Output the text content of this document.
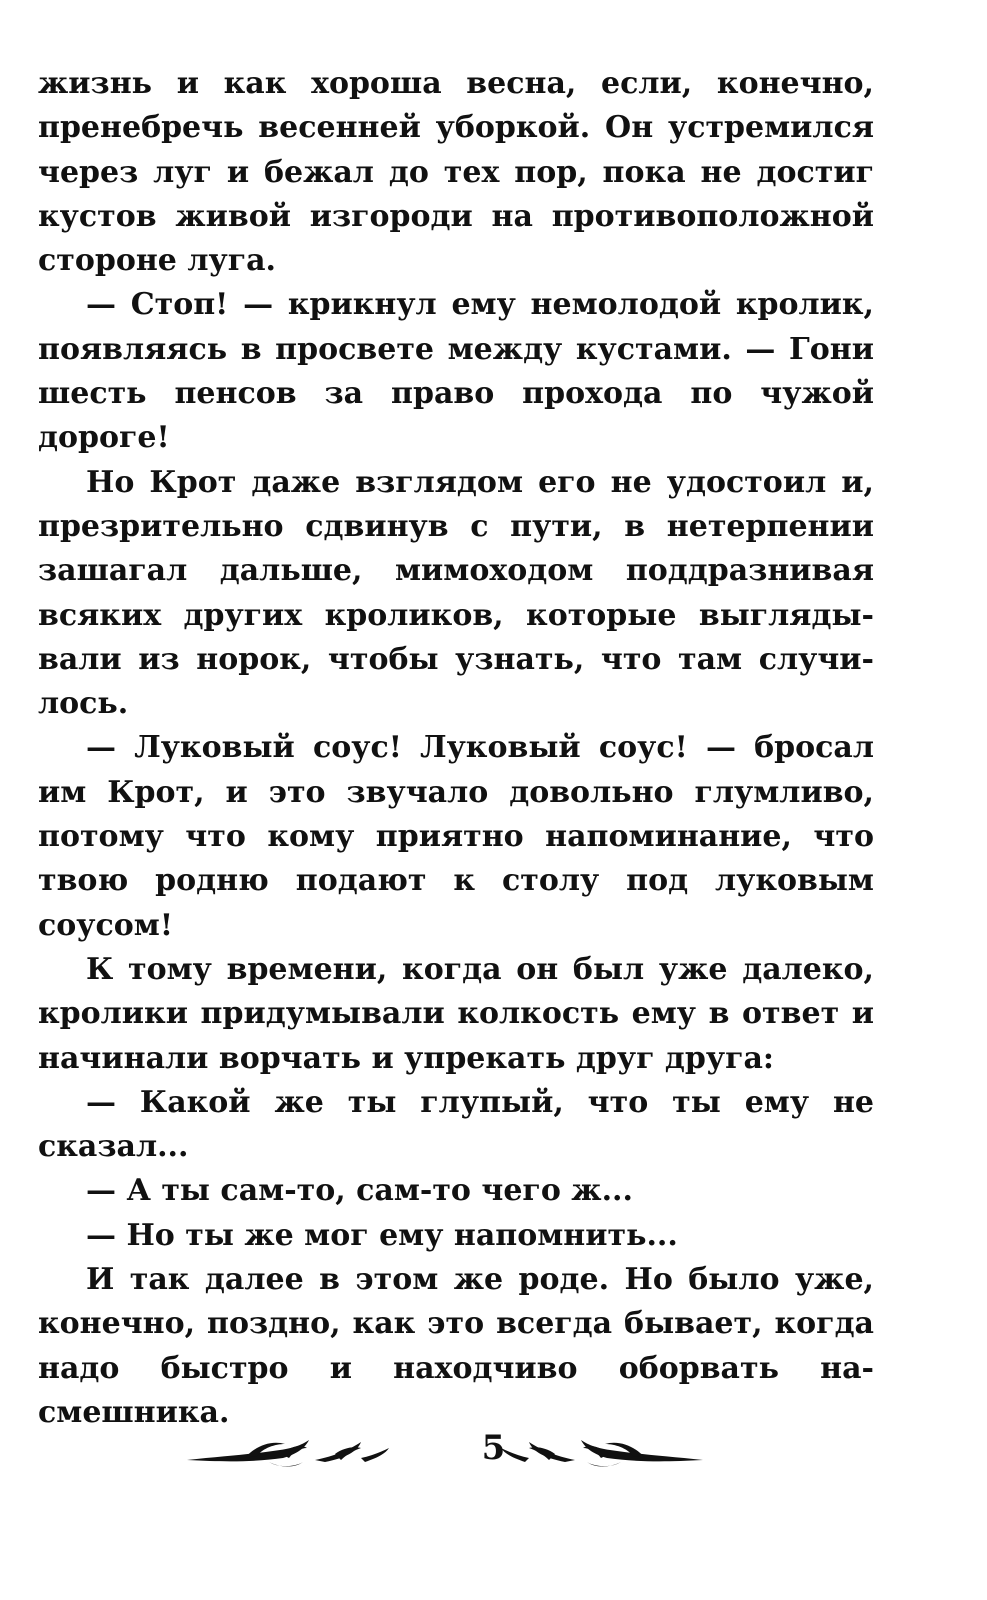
жизнь и как хороша весна, если, конечно, пренебречь весенней уборкой. Он устремился через луг и бежал до тех пор, пока не достиг кустов живой изгороди на противоположной стороне луга.

— Стоп! — крикнул ему немолодой кролик, появляясь в просвете между кустами. — Гони шесть пенсов за право прохода по чужой дороге!

Но Крот даже взглядом его не удостоил и, презрительно сдвинув с пути, в нетерпении зашагал дальше, мимоходом поддразнивая всяких других кроликов, которые выглядывали из норок, чтобы узнать, что там случилось.

— Луковый соус! Луковый соус! — бросал им Крот, и это звучало довольно глумливо, потому что кому приятно напоминание, что твою родню подают к столу под луковым соусом!

К тому времени, когда он был уже далеко, кролики придумывали колкость ему в ответ и начинали ворчать и упрекать друг друга:

— Какой же ты глупый, что ты ему не сказал...

— А ты сам-то, сам-то чего ж...

— Но ты же мог ему напомнить...

И так далее в этом же роде. Но было уже, конечно, поздно, как это всегда бывает, когда надо быстро и находчиво оборвать насмешника.

5
